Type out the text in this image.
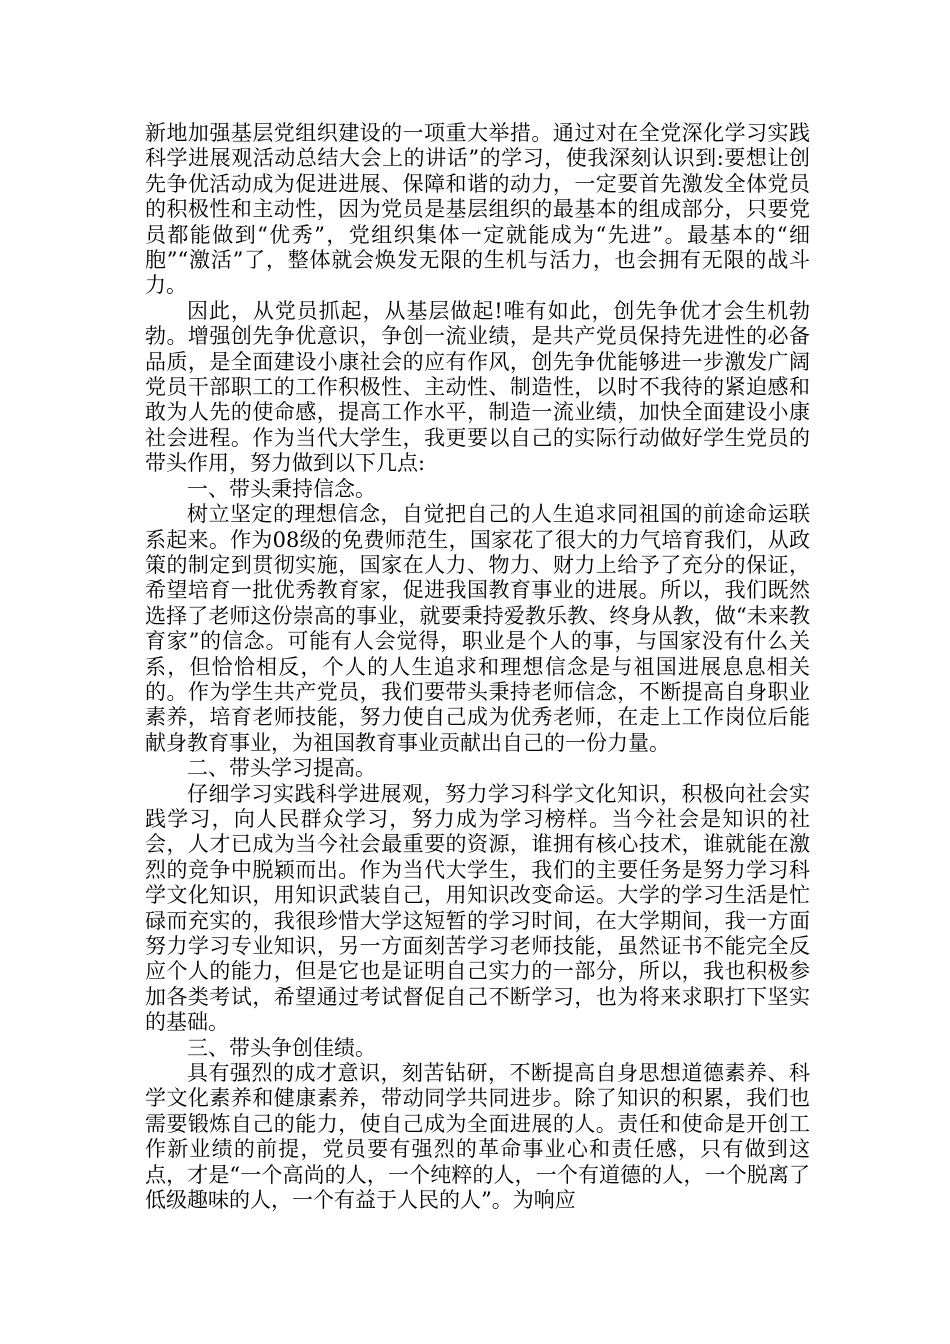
新地加强基层党组织建设的一项重大举措。通过对在全党深化学习实践科学进展观活动总结大会上的讲话”的学习，使我深刻认识到:要想让创先争优活动成为促进进展、保障和谐的动力，一定要首先激发全体党员的积极性和主动性，因为党员是基层组织的最基本的组成部分，只要党员都能做到“优秀”，党组织集体一定就能成为“先进”。最基本的“细胞”“激活”了，整体就会焕发无限的生机与活力，也会拥有无限的战斗力。

因此，从党员抓起，从基层做起!唯有如此，创先争优才会生机勃勃。增强创先争优意识，争创一流业绩，是共产党员保持先进性的必备品质，是全面建设小康社会的应有作风，创先争优能够进一步激发广阔党员干部职工的工作积极性、主动性、制造性，以时不我待的紧迫感和敢为人先的使命感，提高工作水平，制造一流业绩，加快全面建设小康社会进程。作为当代大学生，我更要以自己的实际行动做好学生党员的带头作用，努力做到以下几点:

一、带头秉持信念。

树立坚定的理想信念，自觉把自己的人生追求同祖国的前途命运联系起来。作为08级的免费师范生，国家花了很大的力气培育我们，从政策的制定到贯彻实施，国家在人力、物力、财力上给予了充分的保证，希望培育一批优秀教育家，促进我国教育事业的进展。所以，我们既然选择了老师这份崇高的事业，就要秉持爱教乐教、终身从教，做“未来教育家”的信念。可能有人会觉得，职业是个人的事，与国家没有什么关系，但恰恰相反，个人的人生追求和理想信念是与祖国进展息息相关的。作为学生共产党员，我们要带头秉持老师信念，不断提高自身职业素养，培育老师技能，努力使自己成为优秀老师，在走上工作岗位后能献身教育事业，为祖国教育事业贡献出自己的一份力量。

二、带头学习提高。

仔细学习实践科学进展观，努力学习科学文化知识，积极向社会实践学习，向人民群众学习，努力成为学习榜样。当今社会是知识的社会，人才已成为当今社会最重要的资源，谁拥有核心技术，谁就能在激烈的竞争中脱颖而出。作为当代大学生，我们的主要任务是努力学习科学文化知识，用知识武装自己，用知识改变命运。大学的学习生活是忙碌而充实的，我很珍惜大学这短暂的学习时间，在大学期间，我一方面努力学习专业知识，另一方面刻苦学习老师技能，虽然证书不能完全反应个人的能力，但是它也是证明自己实力的一部分，所以，我也积极参加各类考试，希望通过考试督促自己不断学习，也为将来求职打下坚实的基础。

三、带头争创佳绩。

具有强烈的成才意识，刻苦钻研，不断提高自身思想道德素养、科学文化素养和健康素养，带动同学共同进步。除了知识的积累，我们也需要锻炼自己的能力，使自己成为全面进展的人。责任和使命是开创工作新业绩的前提，党员要有强烈的革命事业心和责任感，只有做到这点，才是“一个高尚的人，一个纯粹的人，一个有道德的人，一个脱离了低级趣味的人，一个有益于人民的人”。为响应
